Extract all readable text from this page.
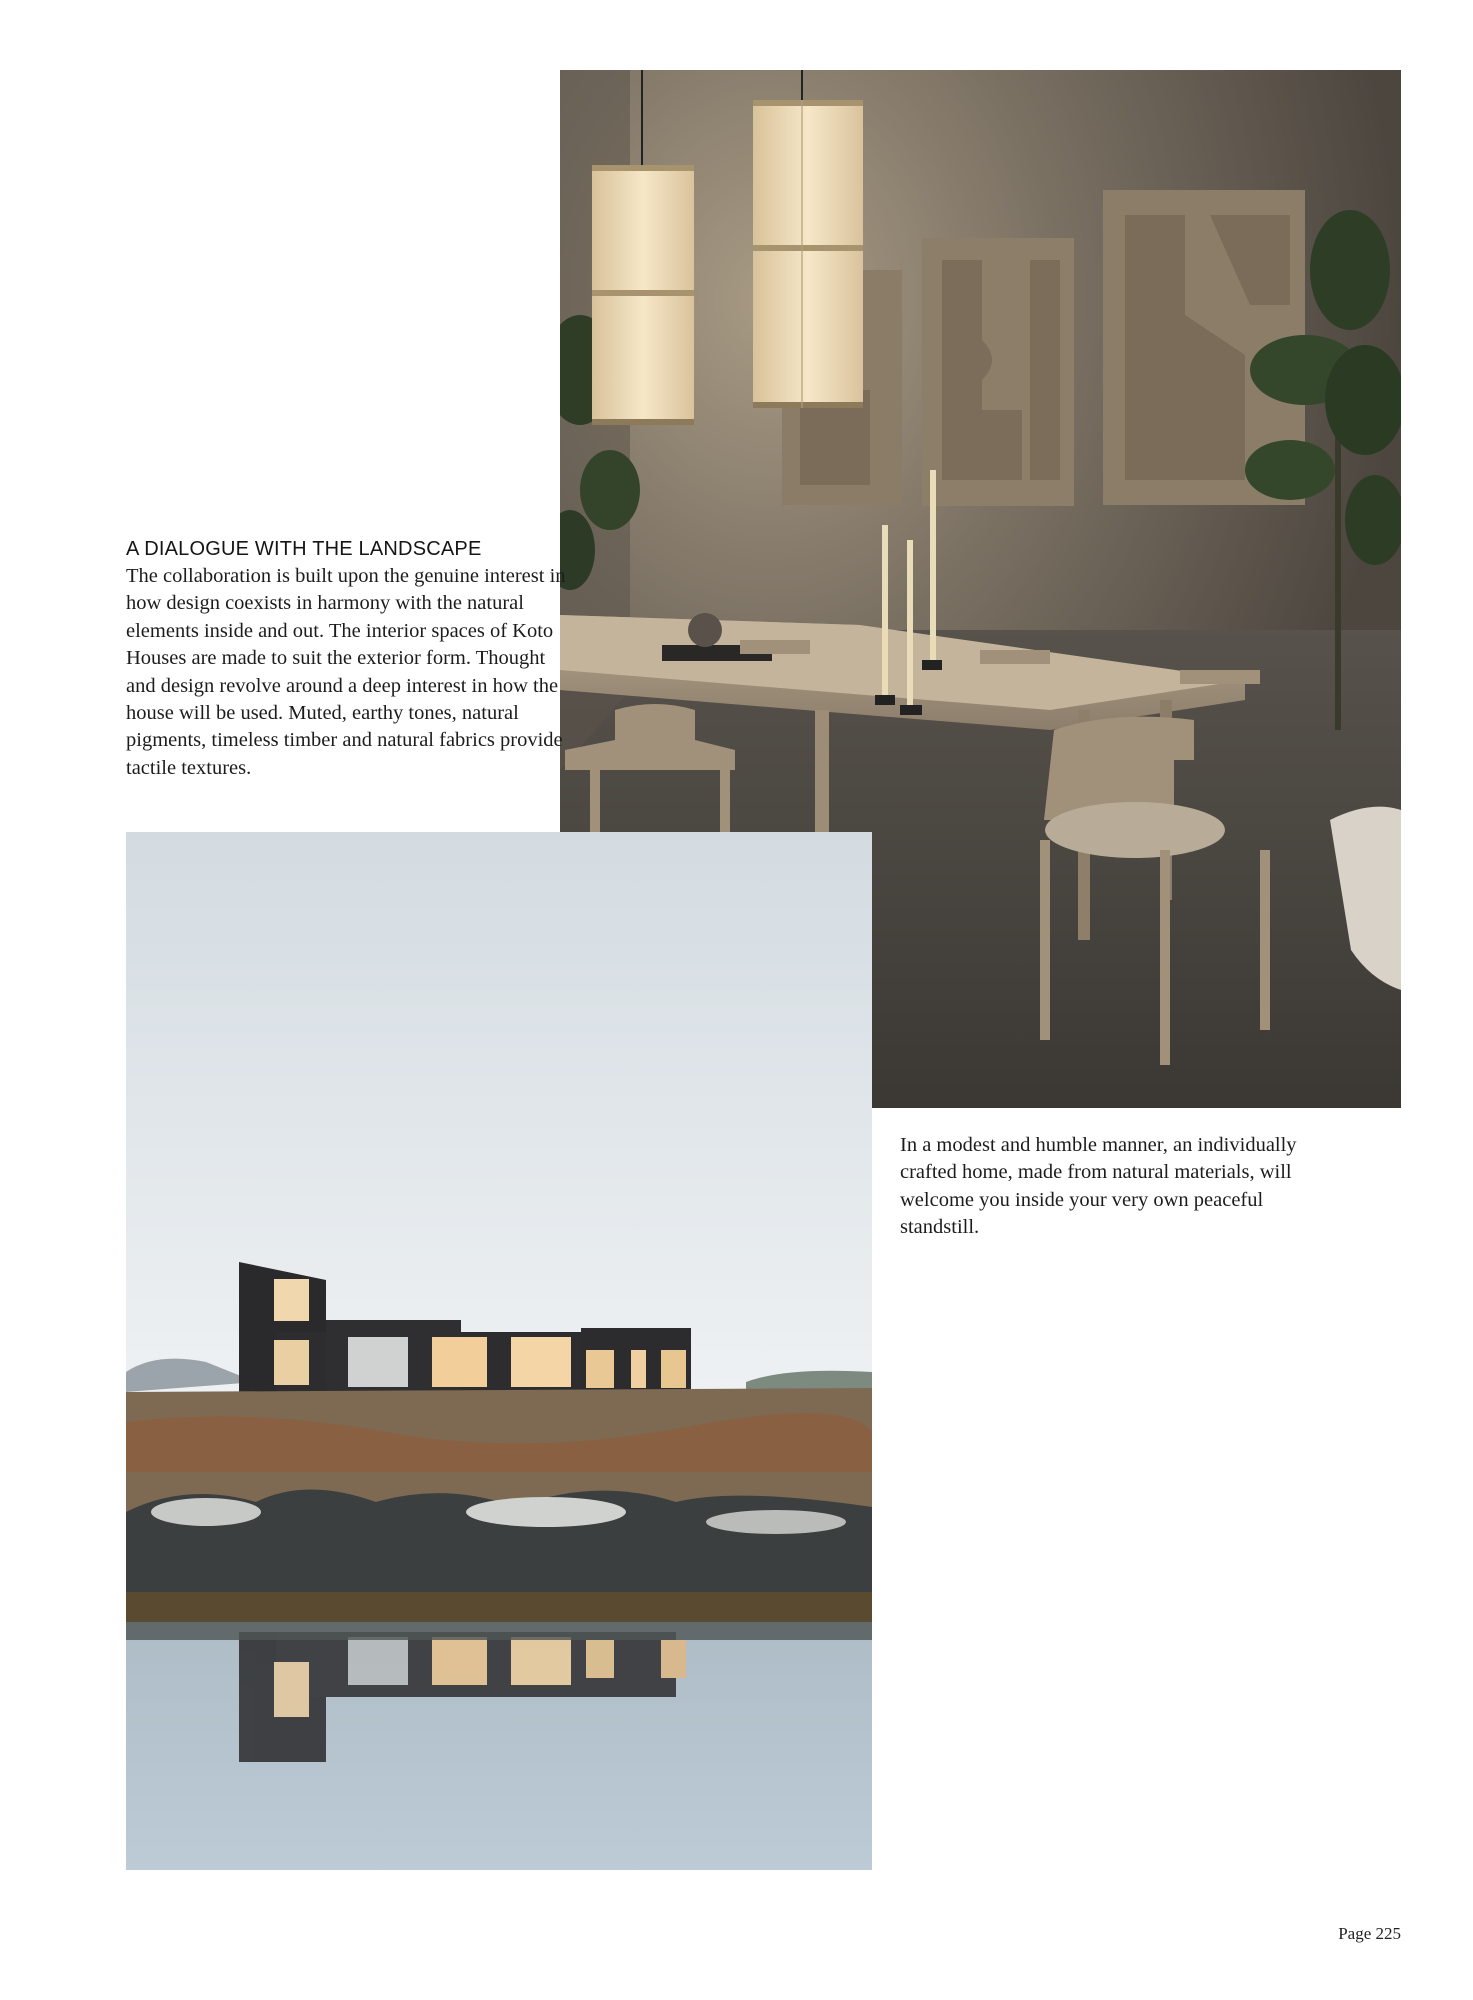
A DIALOGUE WITH THE LANDSCAPE

The collaboration is built upon the genuine interest in how design coexists in harmony with the natural elements inside and out. The interior spaces of Koto Houses are made to suit the exterior form. Thought and design revolve around a deep interest in how the house will be used. Muted, earthy tones, natural pigments, timeless timber and natural fabrics provide tactile textures.

In a modest and humble manner, an individually crafted home, made from natural materials, will welcome you inside your very own peaceful standstill.

Page 225
